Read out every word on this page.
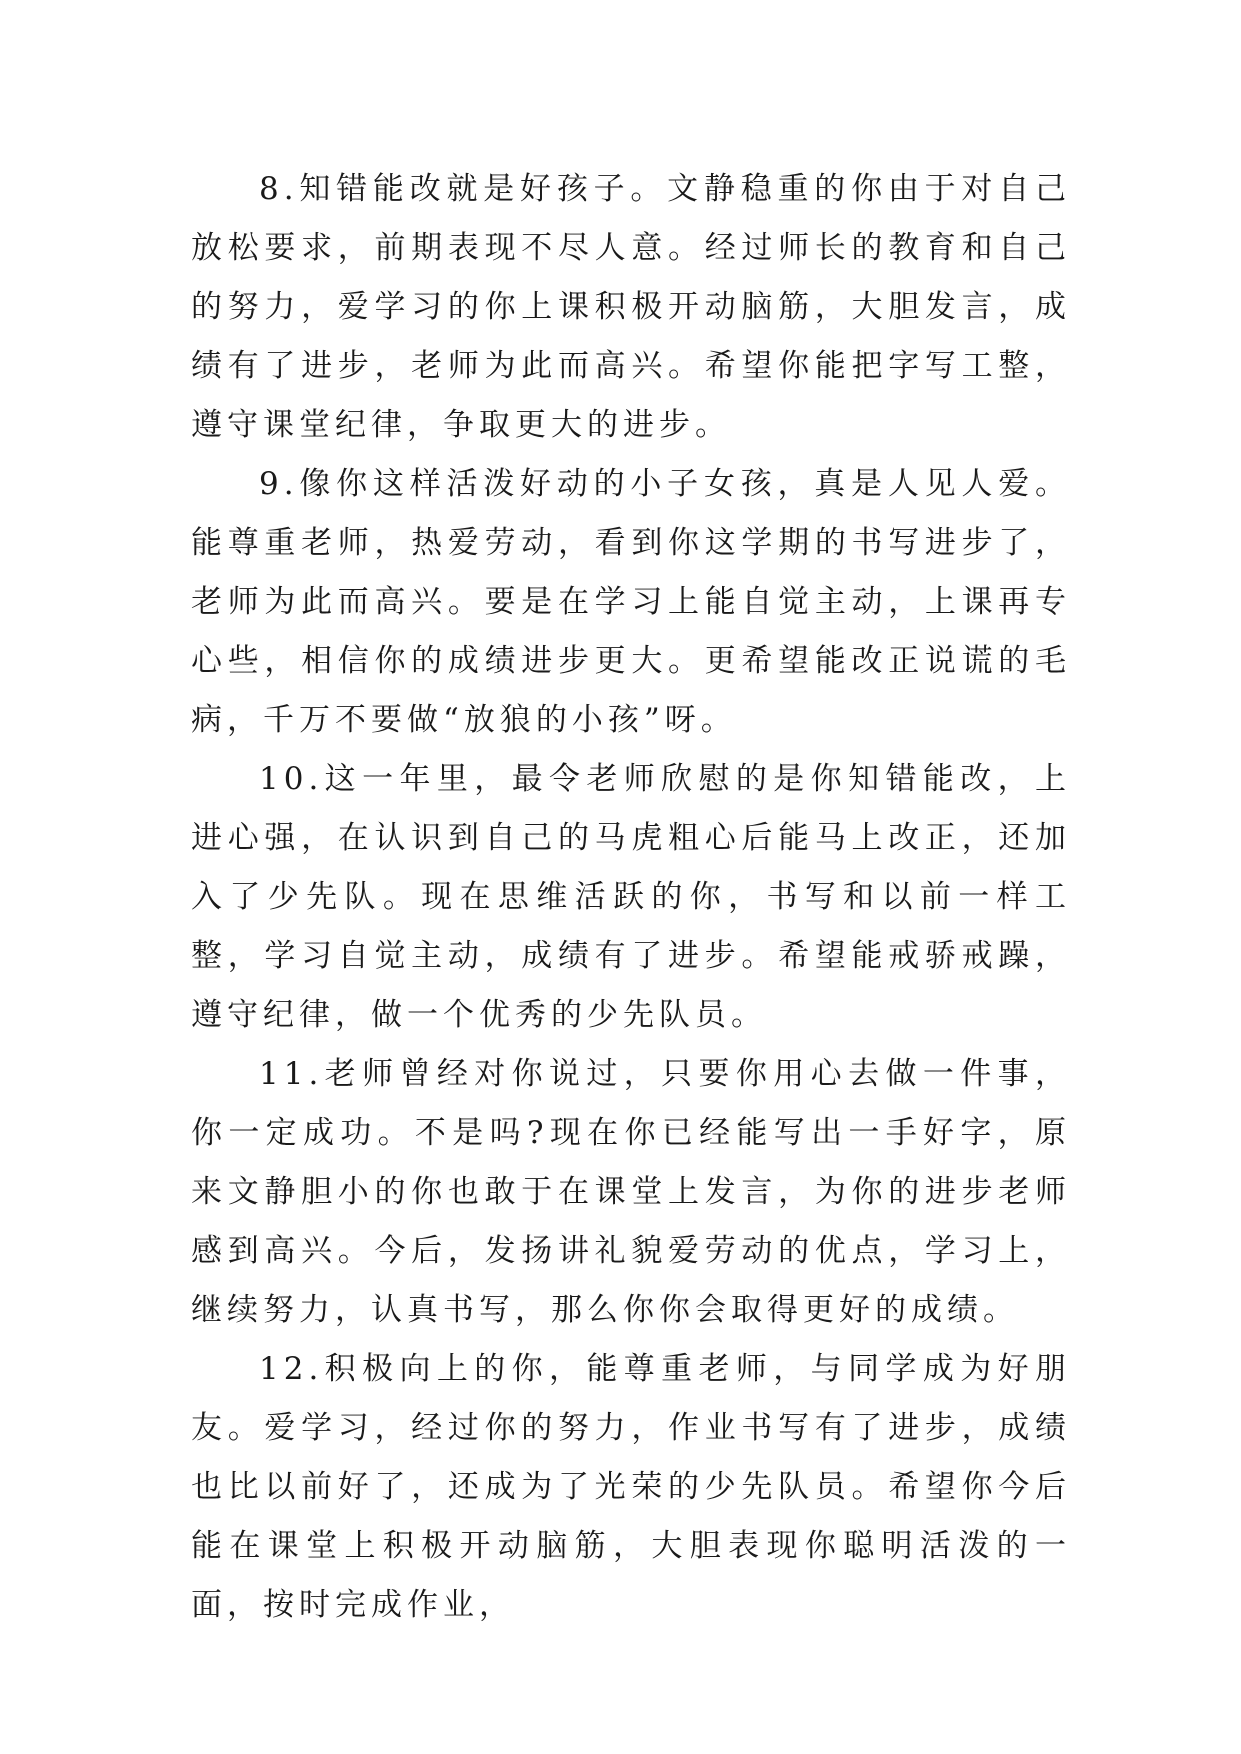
8.知错能改就是好孩子。文静稳重的你由于对自己放松要求，前期表现不尽人意。经过师长的教育和自己的努力，爱学习的你上课积极开动脑筋，大胆发言，成绩有了进步，老师为此而高兴。希望你能把字写工整，遵守课堂纪律，争取更大的进步。

9.像你这样活泼好动的小子女孩，真是人见人爱。能尊重老师，热爱劳动，看到你这学期的书写进步了，老师为此而高兴。要是在学习上能自觉主动，上课再专心些，相信你的成绩进步更大。更希望能改正说谎的毛病，千万不要做“放狼的小孩”呀。

10.这一年里，最令老师欣慰的是你知错能改，上进心强，在认识到自己的马虎粗心后能马上改正，还加入了少先队。现在思维活跃的你，书写和以前一样工整，学习自觉主动，成绩有了进步。希望能戒骄戒躁，遵守纪律，做一个优秀的少先队员。

11.老师曾经对你说过，只要你用心去做一件事，你一定成功。不是吗?现在你已经能写出一手好字，原来文静胆小的你也敢于在课堂上发言，为你的进步老师感到高兴。今后，发扬讲礼貌爱劳动的优点，学习上，继续努力，认真书写，那么你你会取得更好的成绩。

12.积极向上的你，能尊重老师，与同学成为好朋友。爱学习，经过你的努力，作业书写有了进步，成绩也比以前好了，还成为了光荣的少先队员。希望你今后能在课堂上积极开动脑筋，大胆表现你聪明活泼的一面，按时完成作业，
